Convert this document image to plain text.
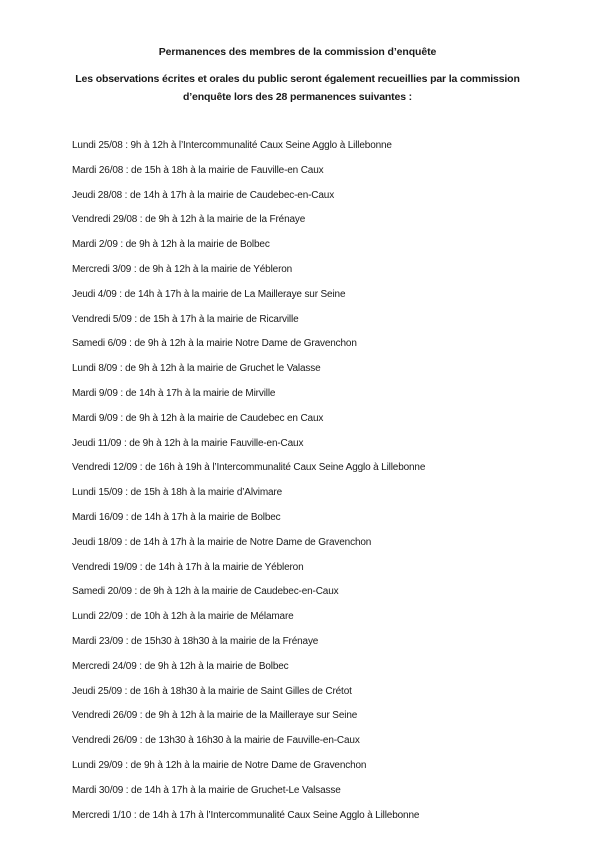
Permanences des membres de la commission d’enquête
Les observations écrites et orales du public seront également recueillies par la commission d’enquête lors des 28 permanences suivantes :
Lundi 25/08 : 9h à 12h à l’Intercommunalité Caux Seine Agglo à Lillebonne
Mardi 26/08 : de 15h à 18h à la mairie de Fauville-en Caux
Jeudi 28/08 : de 14h à 17h à la mairie de Caudebec-en-Caux
Vendredi 29/08 : de 9h à 12h à la mairie de la Frénaye
Mardi 2/09 : de 9h à 12h à la mairie de Bolbec
Mercredi 3/09 : de 9h à 12h à la mairie de Yébleron
Jeudi 4/09 : de 14h à 17h à la mairie de La Mailleraye sur Seine
Vendredi 5/09 : de 15h à 17h à la mairie de Ricarville
Samedi 6/09 : de 9h à 12h à la mairie Notre Dame de Gravenchon
Lundi 8/09 : de 9h à 12h à la mairie de Gruchet le Valasse
Mardi 9/09 : de 14h à 17h à la mairie de Mirville
Mardi 9/09 : de 9h à 12h à la mairie de Caudebec en Caux
Jeudi 11/09 : de 9h à 12h à la mairie Fauville-en-Caux
Vendredi 12/09 : de 16h à 19h à l’Intercommunalité Caux Seine Agglo à Lillebonne
Lundi 15/09 : de 15h à 18h à la mairie d’Alvimare
Mardi 16/09 : de 14h à 17h à la mairie de Bolbec
Jeudi 18/09 : de 14h à 17h à la mairie de Notre Dame de Gravenchon
Vendredi 19/09 : de 14h à 17h à la mairie de Yébleron
Samedi 20/09 : de 9h à 12h à la mairie de Caudebec-en-Caux
Lundi 22/09 : de 10h à 12h à la mairie de Mélamare
Mardi 23/09 : de 15h30 à 18h30 à la mairie de la Frénaye
Mercredi 24/09 : de 9h à 12h à la mairie de Bolbec
Jeudi 25/09 : de 16h à 18h30 à la mairie de Saint Gilles de Crétot
Vendredi 26/09 : de 9h à 12h à la mairie de la Mailleraye sur Seine
Vendredi 26/09 : de 13h30 à 16h30 à la mairie de Fauville-en-Caux
Lundi 29/09 : de 9h à 12h à la mairie de Notre Dame de Gravenchon
Mardi 30/09 : de 14h à 17h à la mairie de Gruchet-Le Valsasse
Mercredi 1/10 : de 14h à 17h à l’Intercommunalité Caux Seine Agglo à Lillebonne
